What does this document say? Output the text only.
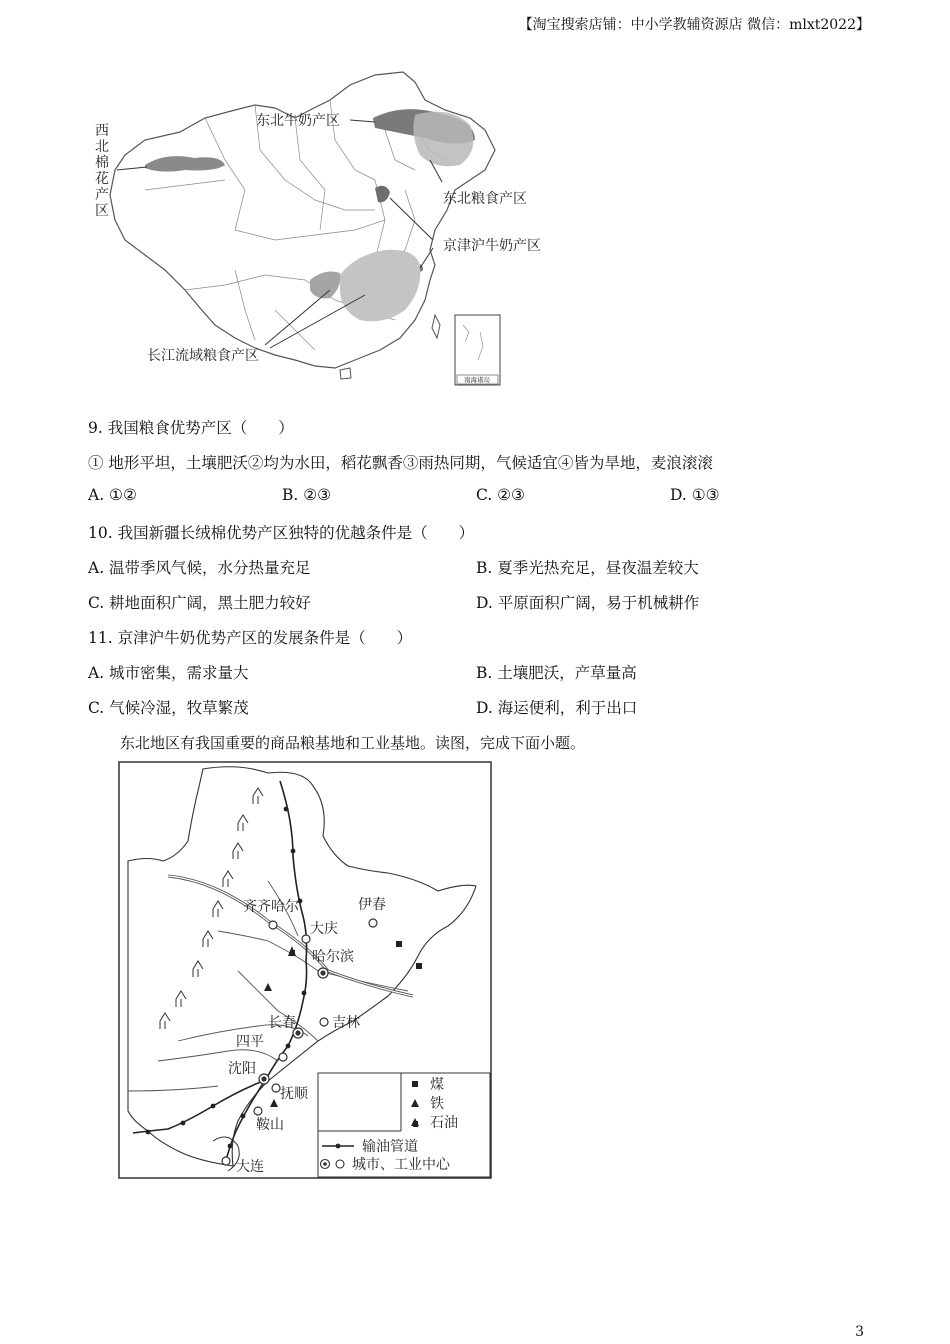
【淘宝搜索店铺：中小学教辅资源店 微信：mlxt2022】
南海诸岛
西
北
棉
花
产
区
东北牛奶产区
东北粮食产区
京津沪牛奶产区
长江流域粮食产区
9. 我国粮食优势产区（　　）
① 地形平坦，土壤肥沃②均为水田，稻花飘香③雨热同期，气候适宜④皆为旱地，麦浪滚滚
A. ①②	B. ②③	C. ②③	D. ①③
10. 我国新疆长绒棉优势产区独特的优越条件是（　　）
A. 温带季风气候，水分热量充足	B. 夏季光热充足，昼夜温差较大
C. 耕地面积广阔，黑土肥力较好	D. 平原面积广阔，易于机械耕作
11. 京津沪牛奶优势产区的发展条件是（　　）
A. 城市密集，需求量大	B. 土壤肥沃，产草量高
C. 气候冷湿，牧草繁茂	D. 海运便利，利于出口
东北地区有我国重要的商品粮基地和工业基地。读图，完成下面小题。
齐齐哈尔
大庆
伊春
哈尔滨
长春	吉林
四平
沈阳
抚顺
鞍山
大连
煤
铁
石油
输油管道
城市、工业中心
3
